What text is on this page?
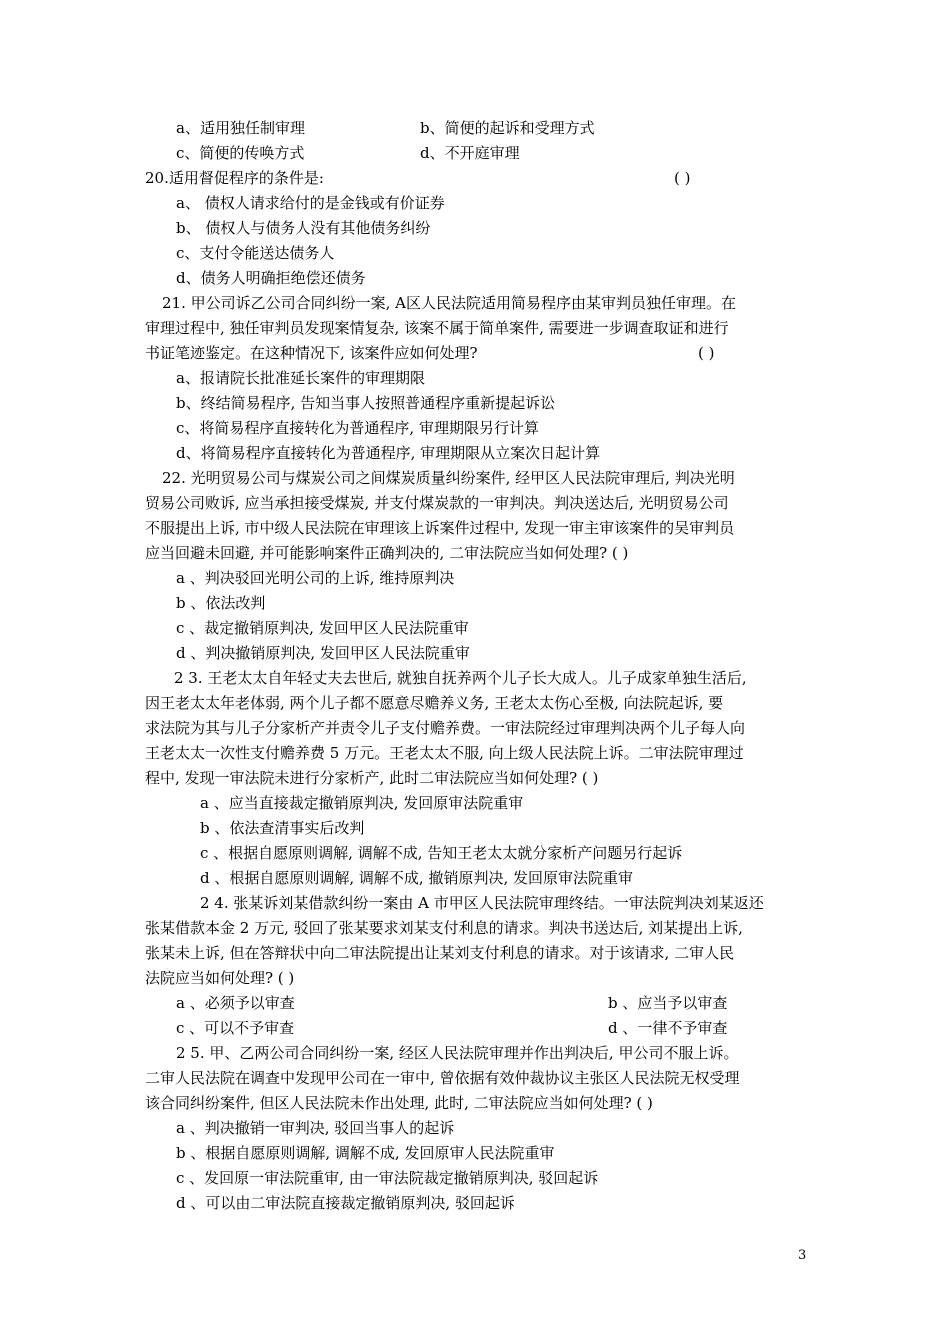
a、适用独任制审理	b、简便的起诉和受理方式
c、简便的传唤方式	d、不开庭审理
20.适用督促程序的条件是:	( )
a、 债权人请求给付的是金钱或有价证券
b、 债权人与债务人没有其他债务纠纷
c、支付令能送达债务人
d、债务人明确拒绝偿还债务
21. 甲公司诉乙公司合同纠纷一案, A区人民法院适用简易程序由某审判员独任审理。在
审理过程中, 独任审判员发现案情复杂, 该案不属于简单案件, 需要进一步调查取证和进行
书证笔迹鉴定。在这种情况下, 该案件应如何处理?	( )
a、报请院长批准延长案件的审理期限
b、终结简易程序, 告知当事人按照普通程序重新提起诉讼
c、将简易程序直接转化为普通程序, 审理期限另行计算
d、将简易程序直接转化为普通程序, 审理期限从立案次日起计算
22. 光明贸易公司与煤炭公司之间煤炭质量纠纷案件, 经甲区人民法院审理后, 判决光明
贸易公司败诉, 应当承担接受煤炭, 并支付煤炭款的一审判决。判决送达后, 光明贸易公司
不服提出上诉, 市中级人民法院在审理该上诉案件过程中, 发现一审主审该案件的吴审判员
应当回避未回避, 并可能影响案件正确判决的, 二审法院应当如何处理? ( )
a 、判决驳回光明公司的上诉, 维持原判决
b 、依法改判
c 、裁定撤销原判决, 发回甲区人民法院重审
d 、判决撤销原判决, 发回甲区人民法院重审
2 3. 王老太太自年轻丈夫去世后, 就独自抚养两个儿子长大成人。儿子成家单独生活后,
因王老太太年老体弱, 两个儿子都不愿意尽赡养义务, 王老太太伤心至极, 向法院起诉, 要
求法院为其与儿子分家析产并责令儿子支付赡养费。一审法院经过审理判决两个儿子每人向
王老太太一次性支付赡养费 5 万元。王老太太不服, 向上级人民法院上诉。二审法院审理过
程中, 发现一审法院未进行分家析产, 此时二审法院应当如何处理? ( )
a 、应当直接裁定撤销原判决, 发回原审法院重审
b 、依法查清事实后改判
c 、根据自愿原则调解, 调解不成, 告知王老太太就分家析产问题另行起诉
d 、根据自愿原则调解, 调解不成, 撤销原判决, 发回原审法院重审
2 4. 张某诉刘某借款纠纷一案由 A 市甲区人民法院审理终结。一审法院判决刘某返还
张某借款本金 2 万元, 驳回了张某要求刘某支付利息的请求。判决书送达后, 刘某提出上诉,
张某未上诉, 但在答辩状中向二审法院提出让某刘支付利息的请求。对于该请求, 二审人民
法院应当如何处理? ( )
a 、必须予以审查	b 、应当予以审查
c 、可以不予审查	d 、一律不予审查
2 5. 甲、乙两公司合同纠纷一案, 经区人民法院审理并作出判决后, 甲公司不服上诉。
二审人民法院在调查中发现甲公司在一审中, 曾依据有效仲裁协议主张区人民法院无权受理
该合同纠纷案件, 但区人民法院未作出处理, 此时, 二审法院应当如何处理? ( )
a 、判决撤销一审判决, 驳回当事人的起诉
b 、根据自愿原则调解, 调解不成, 发回原审人民法院重审
c 、发回原一审法院重审, 由一审法院裁定撤销原判决, 驳回起诉
d 、可以由二审法院直接裁定撤销原判决, 驳回起诉
3
